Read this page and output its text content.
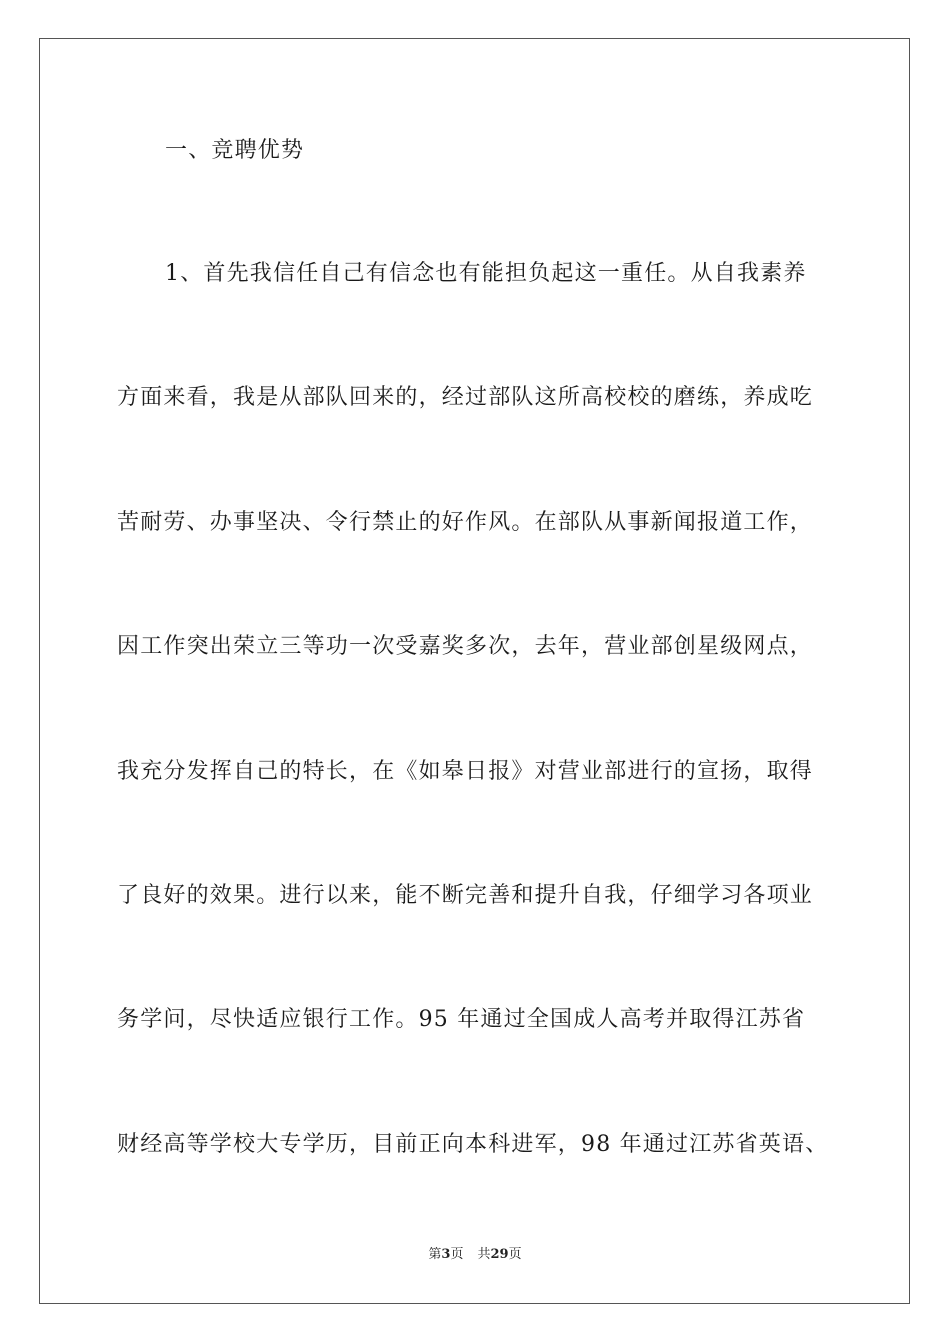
一、竞聘优势
1、首先我信任自己有信念也有能担负起这一重任。从自我素养
方面来看，我是从部队回来的，经过部队这所高校校的磨练，养成吃
苦耐劳、办事坚决、令行禁止的好作风。在部队从事新闻报道工作，
因工作突出荣立三等功一次受嘉奖多次，去年，营业部创星级网点，
我充分发挥自己的特长，在《如皋日报》对营业部进行的宣扬，取得
了良好的效果。进行以来，能不断完善和提升自我，仔细学习各项业
务学问，尽快适应银行工作。95 年通过全国成人高考并取得江苏省
财经高等学校大专学历，目前正向本科进军，98 年通过江苏省英语、
第3页 共29页
